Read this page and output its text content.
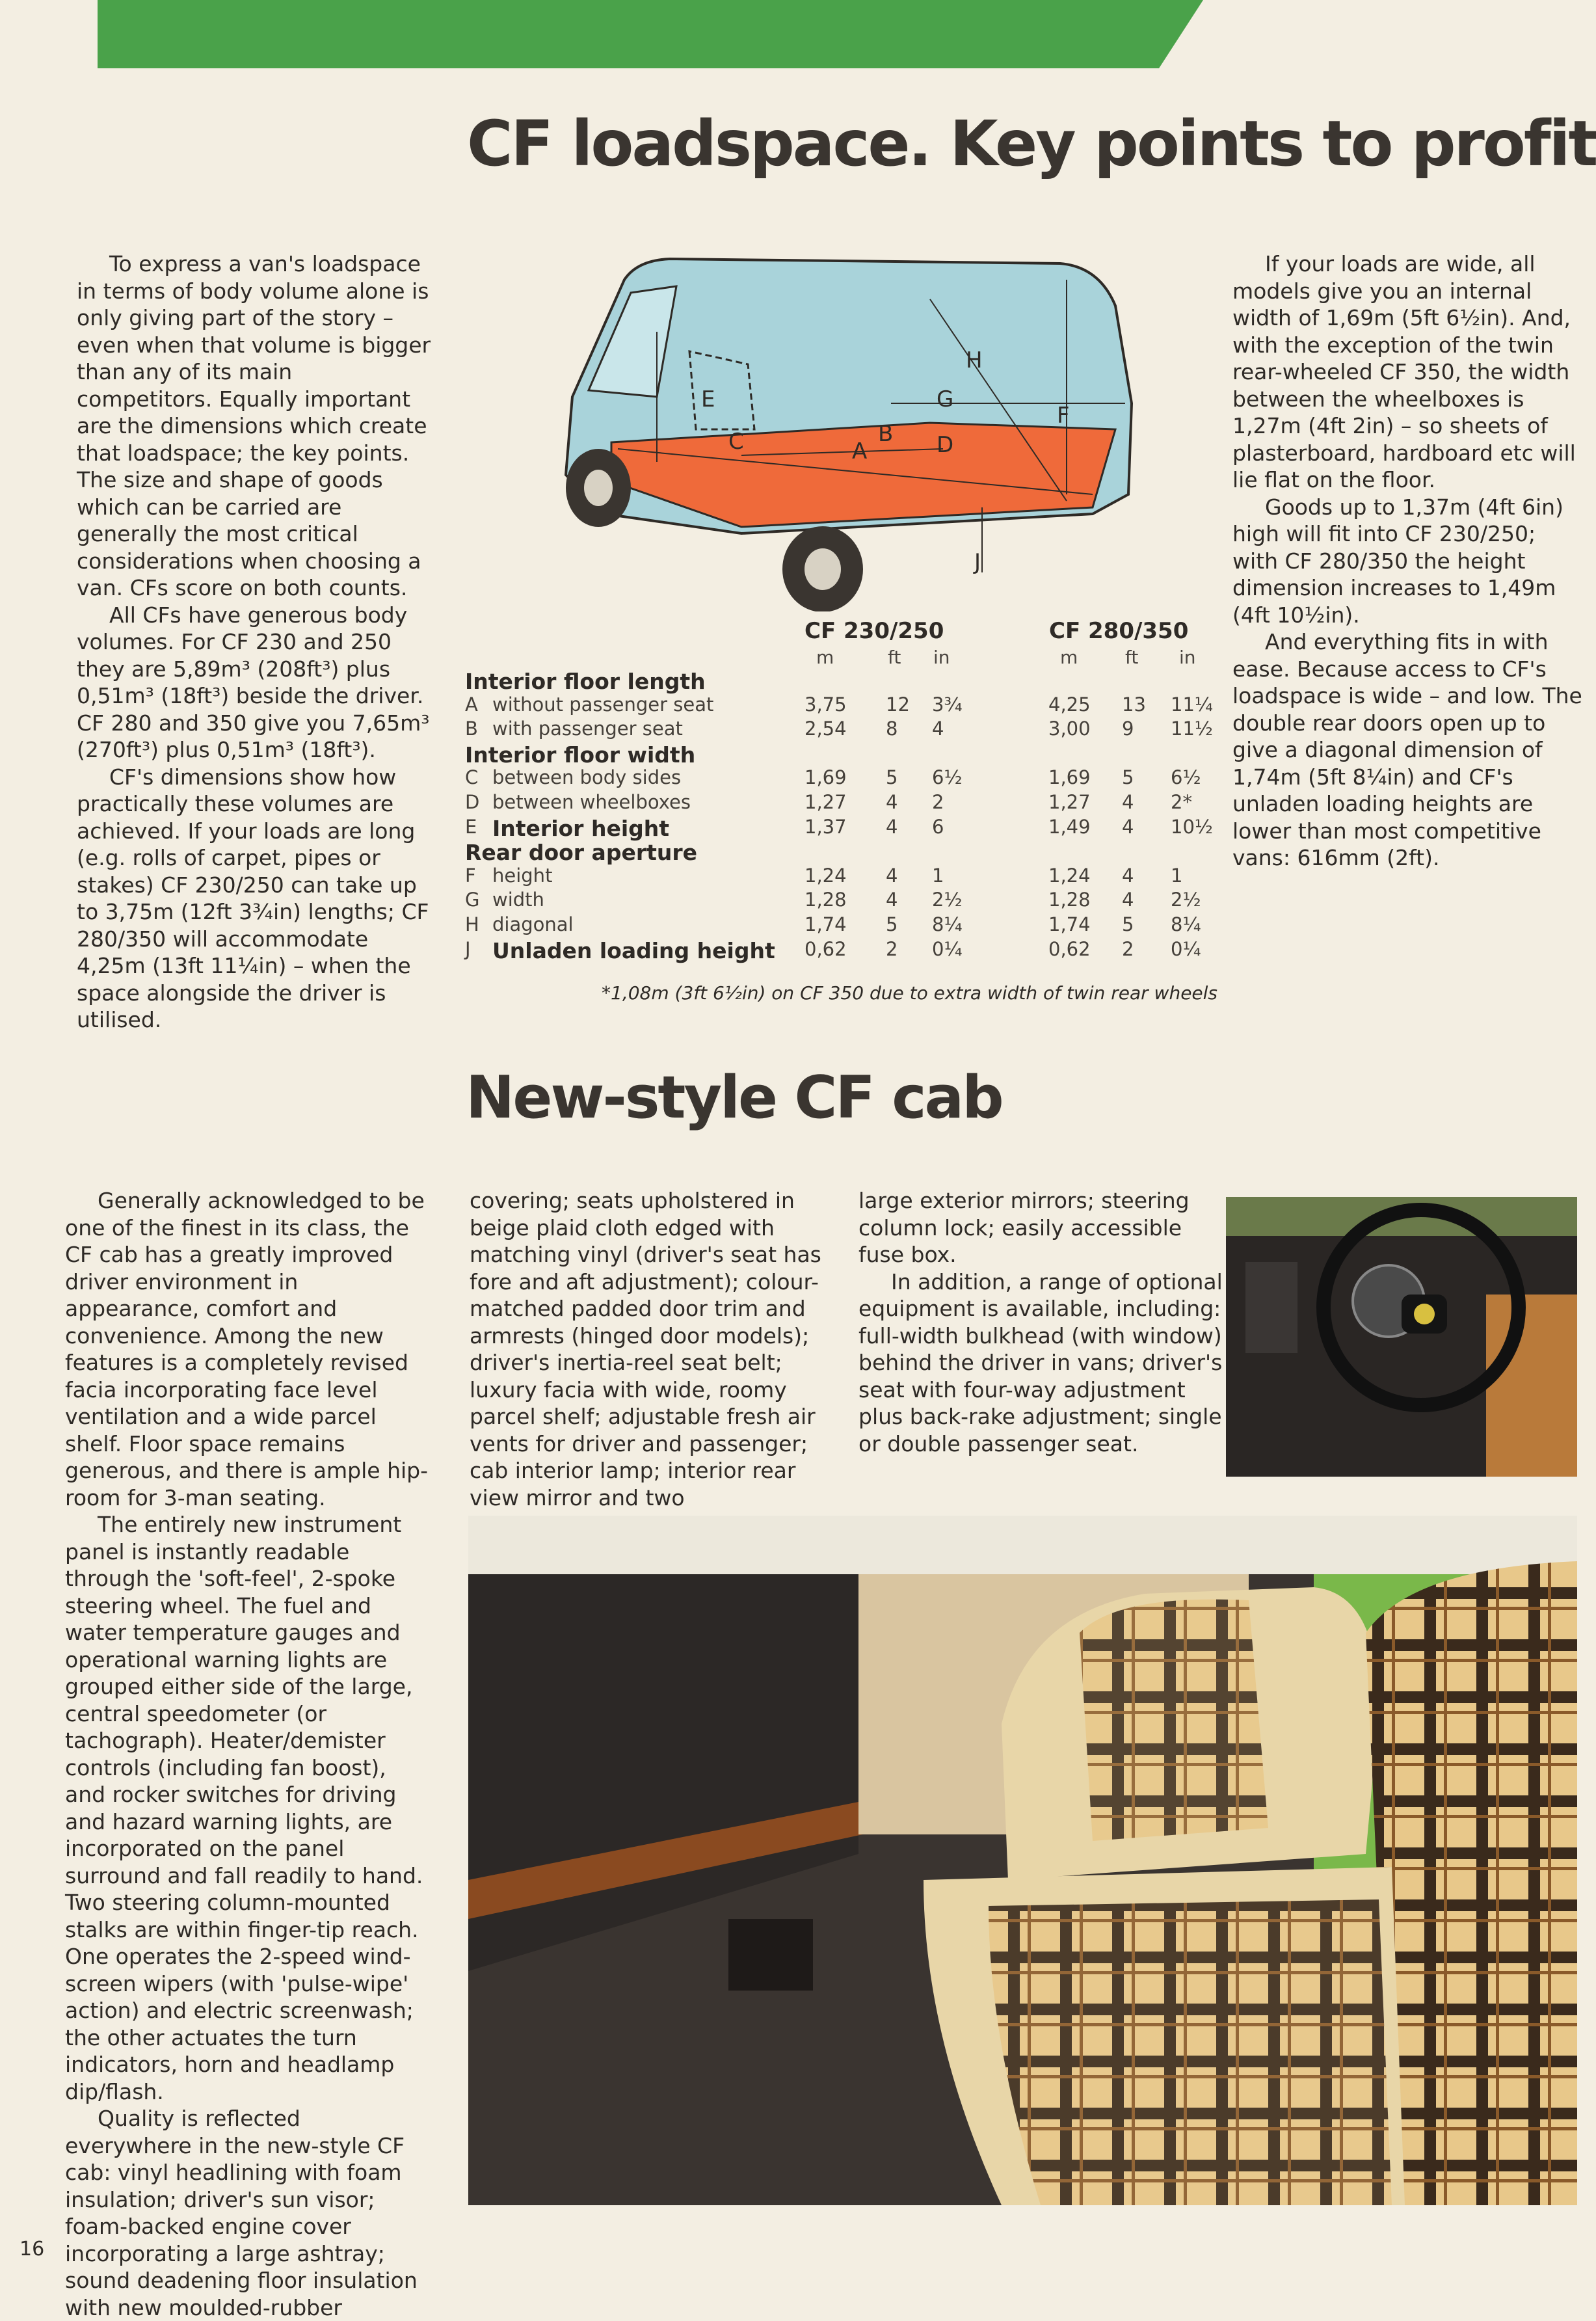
CF loadspace. Key points to profit

To express a van's loadspace in terms of body volume alone is only giving part of the story – even when that volume is bigger than any of its main competitors. Equally important are the dimensions which create that loadspace; the key points. The size and shape of goods which can be carried are generally the most critical considerations when choosing a van. CFs score on both counts.

All CFs have generous body volumes. For CF 230 and 250 they are 5,89m³ (208ft³) plus 0,51m³ (18ft³) beside the driver. CF 280 and 350 give you 7,65m³ (270ft³) plus 0,51m³ (18ft³).

CF's dimensions show how practically these volumes are achieved. If your loads are long (e.g. rolls of carpet, pipes or stakes) CF 230/250 can take up to 3,75m (12ft 3¾in) lengths; CF 280/350 will accommodate 4,25m (13ft 11¼in) – when the space alongside the driver is utilised.

H
F
G
E
A
B
C	D
J

If your loads are wide, all models give you an internal width of 1,69m (5ft 6½in). And, with the exception of the twin rear-wheeled CF 350, the width between the wheelboxes is 1,27m (4ft 2in) – so sheets of plasterboard, hardboard etc will lie flat on the floor.

Goods up to 1,37m (4ft 6in) high will fit into CF 230/250; with CF 280/350 the height dimension increases to 1,49m (4ft 10½in).

And everything fits in with ease. Because access to CF's loadspace is wide – and low. The double rear doors open up to give a diagonal dimension of 1,74m (5ft 8¼in) and CF's unladen loading heights are lower than most competitive vans: 616mm (2ft).

CF 230/250	CF 280/350
m	ft in	m	ft in
Interior floor length
A without passenger seat	3,75 12 3¾	4,25 13 11¼
B with passenger seat	2,54 8 4	3,00 9 11½
Interior floor width
C between body sides	1,69 5 6½	1,69 5 6½
D between wheelboxes	1,27 4 2	1,27 4 2*
E Interior height	1,37 4 6	1,49 4 10½
Rear door aperture
F height	1,24 4 1	1,24 4 1
G width	1,28 4 2½	1,28 4 2½
H diagonal	1,74 5 8¼	1,74 5 8¼
J Unladen loading height 0,62 2 0¼	0,62 2 0¼
*1,08m (3ft 6½in) on CF 350 due to extra width of twin rear wheels
New-style CF cab

Generally acknowledged to be one of the finest in its class, the CF cab has a greatly improved driver environment in appearance, comfort and convenience. Among the new features is a completely revised facia incorporating face level ventilation and a wide parcel shelf. Floor space remains generous, and there is ample hip-room for 3-man seating.

The entirely new instrument panel is instantly readable through the 'soft-feel', 2-spoke steering wheel. The fuel and water temperature gauges and operational warning lights are grouped either side of the large, central speedometer (or tachograph). Heater/demister controls (including fan boost), and rocker switches for driving and hazard warning lights, are incorporated on the panel surround and fall readily to hand. Two steering column-mounted stalks are within finger-tip reach. One operates the 2-speed wind-screen wipers (with 'pulse-wipe' action) and electric screenwash; the other actuates the turn indicators, horn and headlamp dip/flash.

Quality is reflected everywhere in the new-style CF cab: vinyl headlining with foam insulation; driver's sun visor; foam-backed engine cover incorporating a large ashtray; sound deadening floor insulation with new moulded-rubber

covering; seats upholstered in beige plaid cloth edged with matching vinyl (driver's seat has fore and aft adjustment); colour-matched padded door trim and armrests (hinged door models); driver's inertia-reel seat belt; luxury facia with wide, roomy parcel shelf; adjustable fresh air vents for driver and passenger; cab interior lamp; interior rear view mirror and two

large exterior mirrors; steering column lock; easily accessible fuse box.

In addition, a range of optional equipment is available, including: full-width bulkhead (with window) behind the driver in vans; driver's seat with four-way adjustment plus back-rake adjustment; single or double passenger seat.

16
